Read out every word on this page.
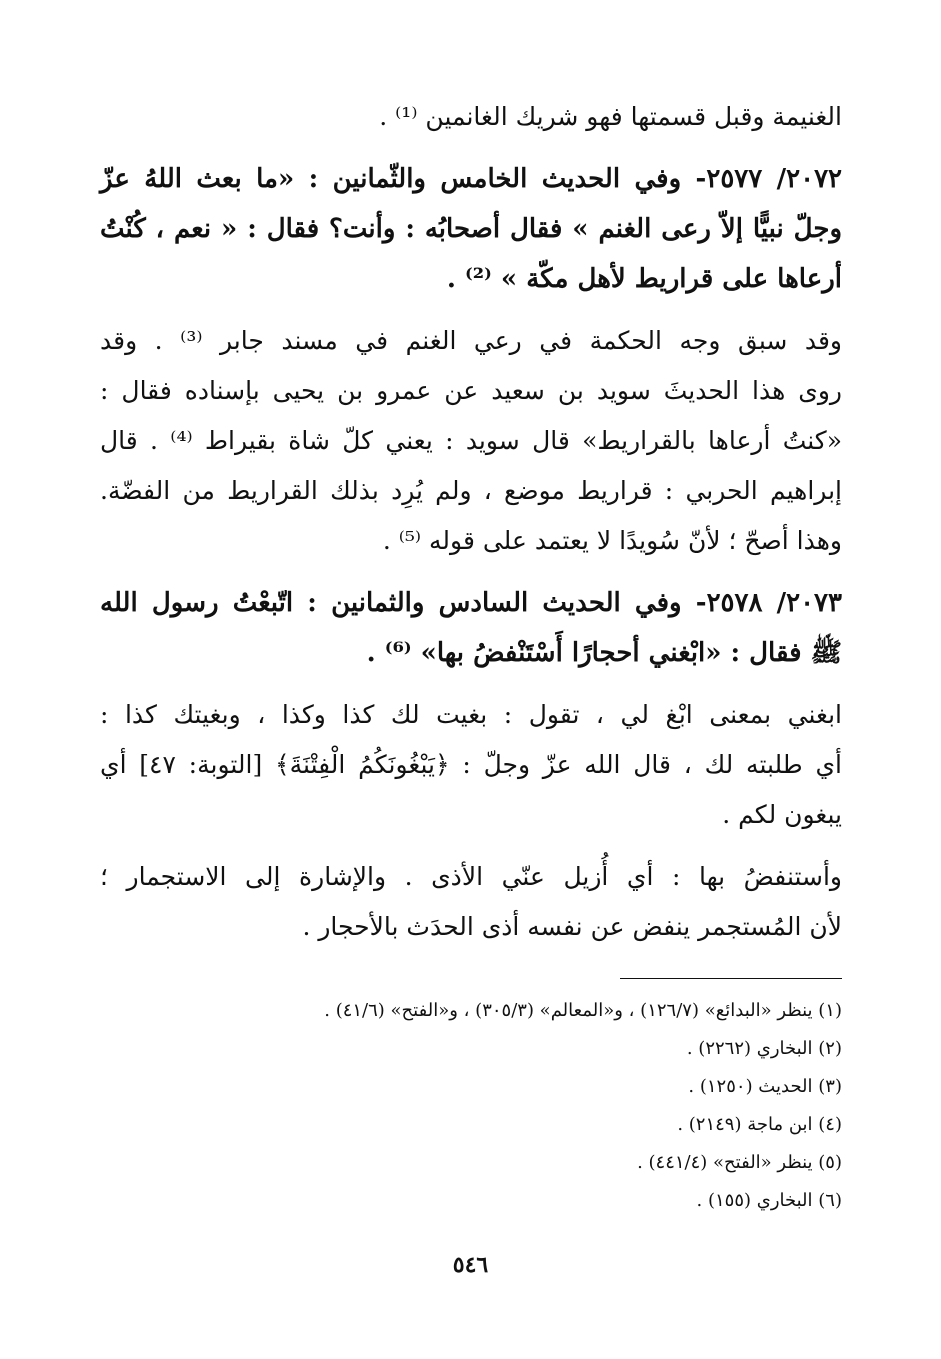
الغنيمة وقبل قسمتها فهو شريك الغانمين ⁽¹⁾ .
٢٠٧٢/ ٢٥٧٧- وفي الحديث الخامس والثّمانين : «ما بعث اللهُ عزّ
وجلّ نبيًّا إلاّ رعى الغنم » فقال أصحابُه : وأنت؟ فقال : « نعم ، كُنْتُ
أرعاها على قراريط لأهل مكّة » ⁽²⁾ .
وقد سبق وجه الحكمة في رعي الغنم في مسند جابر ⁽³⁾ . وقد
روى هذا الحديثَ سويد بن سعيد عن عمرو بن يحيى بإسناده فقال :
«كنتُ أرعاها بالقراريط» قال سويد : يعني كلّ شاة بقيراط ⁽⁴⁾ . قال
إبراهيم الحربي : قراريط موضع ، ولم يُرِد بذلك القراريط من الفضّة.
وهذا أصحّ ؛ لأنّ سُويدًا لا يعتمد على قوله ⁽⁵⁾ .
٢٠٧٣/ ٢٥٧٨- وفي الحديث السادس والثمانين : اتّبعْتُ رسول الله
ﷺ فقال : «ابْغني أحجارًا أَسْتَنْفضُ بها» ⁽⁶⁾ .
ابغني بمعنى ابْغ لي ، تقول : بغيت لك كذا وكذا ، وبغيتك كذا :
أي طلبته لك ، قال الله عزّ وجلّ : ﴿يَبْغُونَكُمُ الْفِتْنَةَ﴾ [التوبة: ٤٧] أي
يبغون لكم .
وأستنفضُ بها : أي أُزيل عنّي الأذى . والإشارة إلى الاستجمار ؛
لأن المُستجمر ينفض عن نفسه أذى الحدَث بالأحجار .
(١) ينظر «البدائع» (١٢٦/٧) ، و«المعالم» (٣٠٥/٣) ، و«الفتح» (٤١/٦) .
(٢) البخاري (٢٢٦٢) .
(٣) الحديث (١٢٥٠) .
(٤) ابن ماجة (٢١٤٩) .
(٥) ينظر «الفتح» (٤٤١/٤) .
(٦) البخاري (١٥٥) .
٥٤٦
